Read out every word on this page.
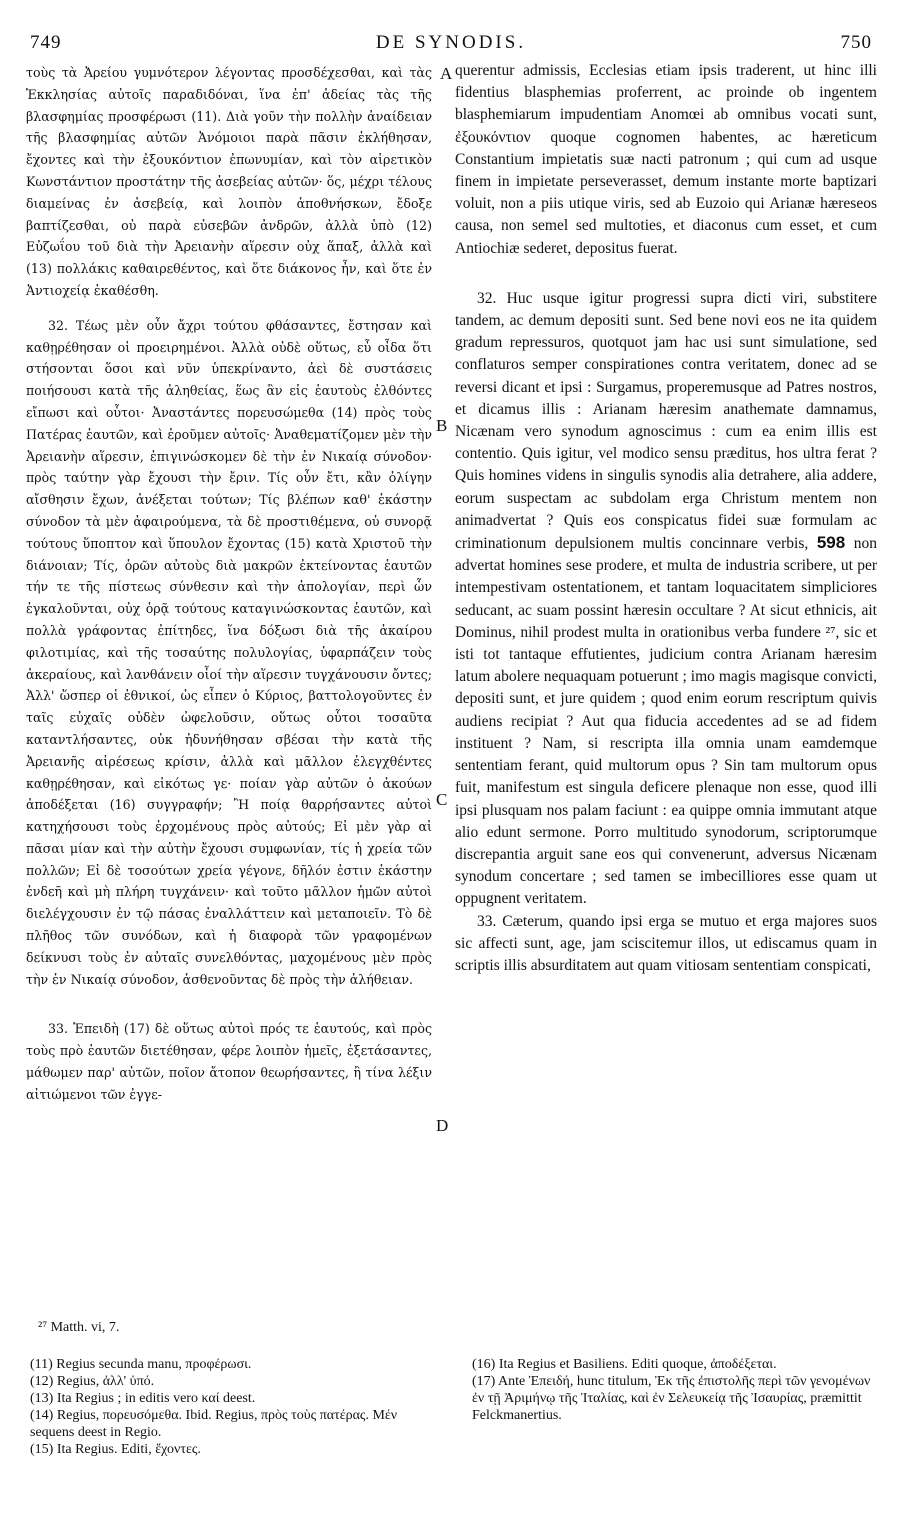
DE SYNODIS.
749	750

τοὺς τὰ Ἀρείου γυμνότερον λέγοντας προσδέχεσθαι, καὶ τὰς Ἐκκλησίας αὐτοῖς παραδιδόναι, ἵνα ἐπ' ἀδείας τὰς τῆς βλασφημίας προσφέρωσι (11). Διὰ γοῦν τὴν πολλὴν ἀναίδειαν τῆς βλασφημίας αὐτῶν Ἀνόμοιοι παρὰ πᾶσιν ἐκλήθησαν, ἔχοντες καὶ τὴν ἐξουκόντιον ἐπωνυμίαν, καὶ τὸν αἱρετικὸν Κωνστάντιον προστάτην τῆς ἀσεβείας αὐτῶν· ὅς, μέχρι τέλους διαμείνας ἐν ἀσεβείᾳ, καὶ λοιπὸν ἀποθνήσκων, ἔδοξε βαπτίζεσθαι, οὐ παρὰ εὐσεβῶν ἀνδρῶν, ἀλλὰ ὑπὸ (12) Εὐζωΐου τοῦ διὰ τὴν Ἀρειανὴν αἵρεσιν οὐχ ἅπαξ, ἀλλὰ καὶ (13) πολλάκις καθαιρεθέντος, καὶ ὅτε διάκονος ἦν, καὶ ὅτε ἐν Ἀντιοχείᾳ ἐκαθέσθη.

32. Τέως μὲν οὖν ἄχρι τούτου φθάσαντες, ἔστησαν καὶ καθῃρέθησαν οἱ προειρημένοι. Ἀλλὰ οὐδὲ οὕτως, εὖ οἶδα ὅτι στήσονται ὅσοι καὶ νῦν ὑπεκρίναντο, ἀεὶ δὲ συστάσεις ποιήσουσι κατὰ τῆς ἀληθείας, ἕως ἂν εἰς ἑαυτοὺς ἐλθόντες εἴπωσι καὶ οὗτοι· Ἀναστάντες πορευσώμεθα (14) πρὸς τοὺς Πατέρας ἑαυτῶν, καὶ ἐροῦμεν αὐτοῖς· Ἀναθεματίζομεν μὲν τὴν Ἀρειανὴν αἵρεσιν, ἐπιγινώσκομεν δὲ τὴν ἐν Νικαίᾳ σύνοδον· πρὸς ταύτην γὰρ ἔχουσι τὴν ἔριν. Τίς οὖν ἔτι, κἂν ὀλίγην αἴσθησιν ἔχων, ἀνέξεται τούτων; Τίς βλέπων καθ' ἑκάστην σύνοδον τὰ μὲν ἀφαιρούμενα, τὰ δὲ προστιθέμενα, οὐ συνορᾷ τούτους ὕποπτον καὶ ὕπουλον ἔχοντας (15) κατὰ Χριστοῦ τὴν διάνοιαν; Τίς, ὁρῶν αὐτοὺς διὰ μακρῶν ἐκτείνοντας ἑαυτῶν τήν τε τῆς πίστεως σύνθεσιν καὶ τὴν ἀπολογίαν, περὶ ὧν ἐγκαλοῦνται, οὐχ ὁρᾷ τούτους καταγινώσκοντας ἑαυτῶν, καὶ πολλὰ γράφοντας ἐπίτηδες, ἵνα δόξωσι διὰ τῆς ἀκαίρου φιλοτιμίας, καὶ τῆς τοσαύτης πολυλογίας, ὑφαρπάζειν τοὺς ἀκεραίους, καὶ λανθάνειν οἷοί τὴν αἵρεσιν τυγχάνουσιν ὄντες; Ἀλλ' ὥσπερ οἱ ἐθνικοί, ὡς εἶπεν ὁ Κύριος, βαττολογοῦντες ἐν ταῖς εὐχαῖς οὐδὲν ὠφελοῦσιν, οὕτως οὗτοι τοσαῦτα καταντλήσαντες, οὐκ ἠδυνήθησαν σβέσαι τὴν κατὰ τῆς Ἀρειανῆς αἱρέσεως κρίσιν, ἀλλὰ καὶ μᾶλλον ἐλεγχθέντες καθῃρέθησαν, καὶ εἰκότως γε· ποίαν γὰρ αὐτῶν ὁ ἀκούων ἀποδέξεται (16) συγγραφήν; Ἢ ποίᾳ θαρρήσαντες αὐτοὶ κατηχήσουσι τοὺς ἐρχομένους πρὸς αὐτούς; Εἰ μὲν γὰρ αἱ πᾶσαι μίαν καὶ τὴν αὐτὴν ἔχουσι συμφωνίαν, τίς ἡ χρεία τῶν πολλῶν; Εἰ δὲ τοσούτων χρεία γέγονε, δῆλόν ἐστιν ἑκάστην ἐνδεῆ καὶ μὴ πλήρη τυγχάνειν· καὶ τοῦτο μᾶλλον ἡμῶν αὐτοὶ διελέγχουσιν ἐν τῷ πάσας ἐναλλάττειν καὶ μεταποιεῖν. Τὸ δὲ πλῆθος τῶν συνόδων, καὶ ἡ διαφορὰ τῶν γραφομένων δείκνυσι τοὺς ἐν αὐταῖς συνελθόντας, μαχομένους μὲν πρὸς τὴν ἐν Νικαίᾳ σύνοδον, ἀσθενοῦντας δὲ πρὸς τὴν ἀλήθειαν.

33. Ἐπειδὴ (17) δὲ οὕτως αὐτοὶ πρός τε ἑαυτούς, καὶ πρὸς τοὺς πρὸ ἑαυτῶν διετέθησαν, φέρε λοιπὸν ἡμεῖς, ἐξετάσαντες, μάθωμεν παρ' αὐτῶν, ποῖον ἄτοπον θεωρήσαντες, ἢ τίνα λέξιν αἰτιώμενοι τῶν ἐγγε-

querentur admissis, Ecclesias etiam ipsis traderent, ut hinc illi fidentius blasphemias proferrent, ac proinde ob ingentem blasphemiarum impudentiam Anomœi ab omnibus vocati sunt, ἐξουκόντιον quoque cognomen habentes, ac hæreticum Constantium impietatis suæ nacti patronum ; qui cum ad usque finem in impietate perseverasset, demum instante morte baptizari voluit, non a piis utique viris, sed ab Euzoio qui Arianæ hæreseos causa, non semel sed multoties, et diaconus cum esset, et cum Antiochiæ sederet, depositus fuerat.

32. Huc usque igitur progressi supra dicti viri, substitere tandem, ac demum depositi sunt. Sed bene novi eos ne ita quidem gradum repressuros, quotquot jam hac usi sunt simulatione, sed conflaturos semper conspirationes contra veritatem, donec ad se reversi dicant et ipsi : Surgamus, properemusque ad Patres nostros, et dicamus illis : Arianam hæresim anathemate damnamus, Nicænam vero synodum agnoscimus : cum ea enim illis est contentio. Quis igitur, vel modico sensu præditus, hos ultra ferat ? Quis homines videns in singulis synodis alia detrahere, alia addere, eorum suspectam ac subdolam erga Christum mentem non animadvertat ? Quis eos conspicatus fidei suæ formulam ac criminationum depulsionem multis concinnare verbis, 598 non advertat homines sese prodere, et multa de industria scribere, ut per intempestivam ostentationem, et tantam loquacitatem simpliciores seducant, ac suam possint hæresin occultare ? At sicut ethnicis, ait Dominus, nihil prodest multa in orationibus verba fundere ²⁷, sic et isti tot tantaque effutientes, judicium contra Arianam hæresim latum abolere nequaquam potuerunt ; imo magis magisque convicti, depositi sunt, et jure quidem ; quod enim eorum rescriptum quivis audiens recipiat ? Aut qua fiducia accedentes ad se ad fidem instituent ? Nam, si rescripta illa omnia unam eamdemque sententiam ferant, quid multorum opus ? Sin tam multorum opus fuit, manifestum est singula deficere plenaque non esse, quod illi ipsi plusquam nos palam faciunt : ea quippe omnia immutant atque alio edunt sermone. Porro multitudo synodorum, scriptorumque discrepantia arguit sane eos qui convenerunt, adversus Nicænam synodum concertare ; sed tamen se imbecilliores esse quam ut oppugnent veritatem.

33. Cæterum, quando ipsi erga se mutuo et erga majores suos sic affecti sunt, age, jam sciscitemur illos, ut ediscamus quam in scriptis illis absurditatem aut quam vitiosam sententiam conspicati,

A
B
C
D
²⁷ Matth. vi, 7.
(11) Regius secunda manu, προφέρωσι.
(12) Regius, ἀλλ' ὑπό.
(13) Ita Regius ; in editis vero καί deest.
(14) Regius, πορευσόμεθα. Ibid. Regius, πρὸς τοὺς πατέρας. Μέν sequens deest in Regio.
(15) Ita Regius. Editi, ἔχοντες.
(16) Ita Regius et Basiliens. Editi quoque, ἀποδέξεται.
(17) Ante Ἐπειδή, hunc titulum, Ἐκ τῆς ἐπιστολῆς περὶ τῶν γενομένων ἐν τῇ Ἀριμήνῳ τῆς Ἰταλίας, καὶ ἐν Σελευκείᾳ τῆς Ἰσαυρίας, præmittit Felckmanertius.
